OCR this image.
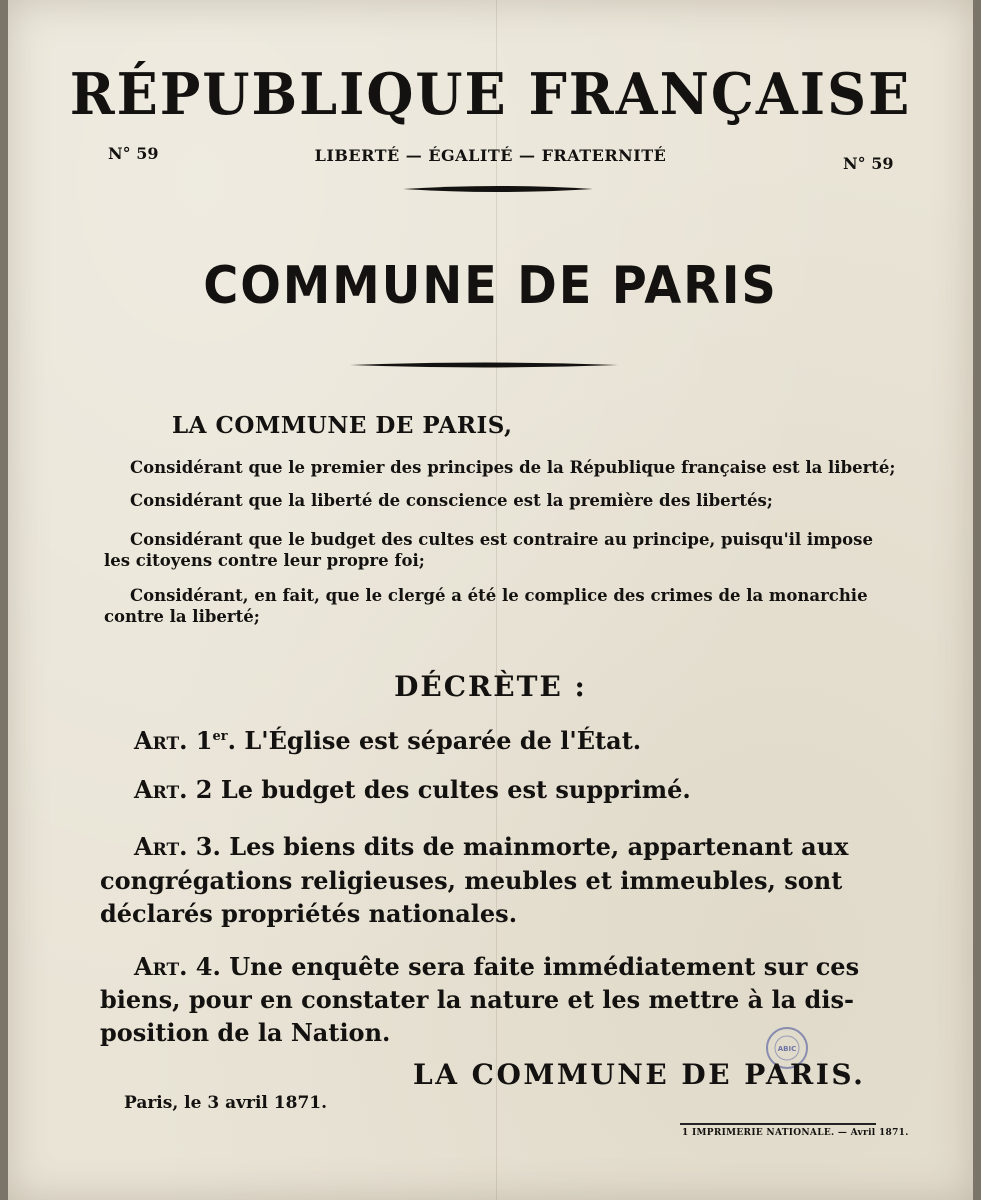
RÉPUBLIQUE FRANÇAISE
N° 59	LIBERTÉ — ÉGALITÉ — FRATERNITÉ	N° 59
COMMUNE DE PARIS
LA COMMUNE DE PARIS,
Considérant que le premier des principes de la République française est la liberté;
Considérant que la liberté de conscience est la première des libertés;
Considérant que le budget des cultes est contraire au principe, puisqu'il impose
les citoyens contre leur propre foi;
Considérant, en fait, que le clergé a été le complice des crimes de la monarchie
contre la liberté;
DÉCRÈTE :
Art. 1er. L'Église est séparée de l'État.
Art. 2 Le budget des cultes est supprimé.
Art. 3. Les biens dits de mainmorte, appartenant aux
congrégations religieuses, meubles et immeubles, sont
déclarés propriétés nationales.
Art. 4. Une enquête sera faite immédiatement sur ces
biens, pour en constater la nature et les mettre à la dis-
position de la Nation.
ABIC
LA COMMUNE DE PARIS.
Paris, le 3 avril 1871.
1 IMPRIMERIE NATIONALE. — Avril 1871.
